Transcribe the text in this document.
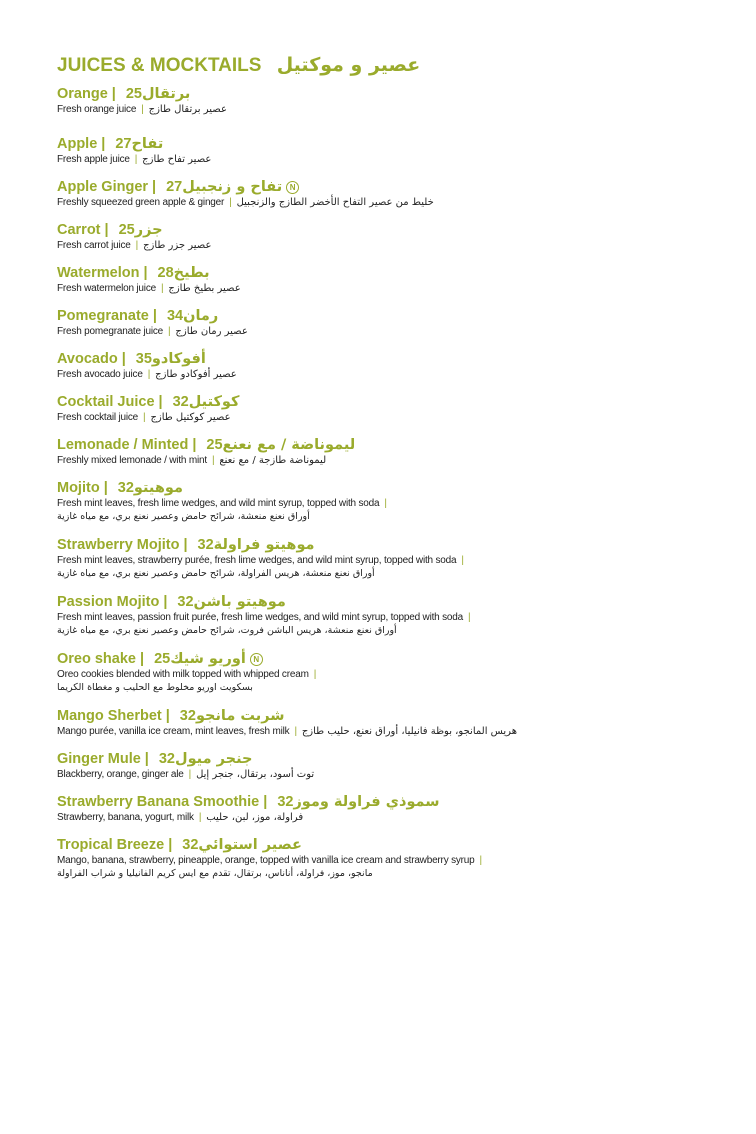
JUICES & MOCKTAILS عصير و موكتيل
Orange | برتقال25
Fresh orange juice | عصير برتقال طازج
Apple | تفاح27
Fresh apple juice | عصير تفاح طازج
Apple Ginger | تفاح و زنجبيل27	N
Freshly squeezed green apple & ginger | خليط من عصير التفاح الأخضر الطازج والزنجبيل
Carrot | جزر25
Fresh carrot juice | عصير جزر طازج
Watermelon | بطيخ28
Fresh watermelon juice | عصير بطيخ طازج
Pomegranate | رمان34
Fresh pomegranate juice | عصير رمان طازج
Avocado | أفوكادو35
Fresh avocado juice | عصير أفوكادو طازج
Cocktail Juice | كوكتيل32
Fresh cocktail juice | عصير كوكتيل طازج
Lemonade / Minted | ليموناضة / مع نعنع25
Freshly mixed lemonade / with mint | ليموناضة طازجة / مع نعنع
Mojito | موهيتو32
Fresh mint leaves, fresh lime wedges, and wild mint syrup, topped with soda |
أوراق نعنع منعشة، شرائح حامض وعصير نعنع بري، مع مياه غازية
Strawberry Mojito | موهيتو فراولة32
Fresh mint leaves, strawberry purée, fresh lime wedges, and wild mint syrup, topped with soda |
أوراق نعنع منعشة، هريس الفراولة، شرائح حامض وعصير نعنع بري، مع مياه غازية
Passion Mojito | موهيتو باشن32
Fresh mint leaves, passion fruit purée, fresh lime wedges, and wild mint syrup, topped with soda |
أوراق نعنع منعشة، هريس الباشن فروت، شرائح حامض وعصير نعنع بري، مع مياه غازية
Oreo shake | أوريو شيك25	N
Oreo cookies blended with milk topped with whipped cream |
بسكويت اوريو مخلوط مع الحليب و مغطاة الكريما
Mango Sherbet | شربت مانجو32
Mango purée, vanilla ice cream, mint leaves, fresh milk | هريس المانجو، بوظة فانيليا، أوراق نعنع، حليب طازج
Ginger Mule | جنجر ميول32
Blackberry, orange, ginger ale | توت أسود، برتقال، جنجر إيل
Strawberry Banana Smoothie | سموذي فراولة وموز32
Strawberry, banana, yogurt, milk | فراولة، موز، لبن، حليب
Tropical Breeze | عصير استوائي32
Mango, banana, strawberry, pineapple, orange, topped with vanilla ice cream and strawberry syrup |
مانجو، موز، فراولة، أناناس، برتقال، تقدم مع ايس كريم الفانيليا و شراب الفراولة
